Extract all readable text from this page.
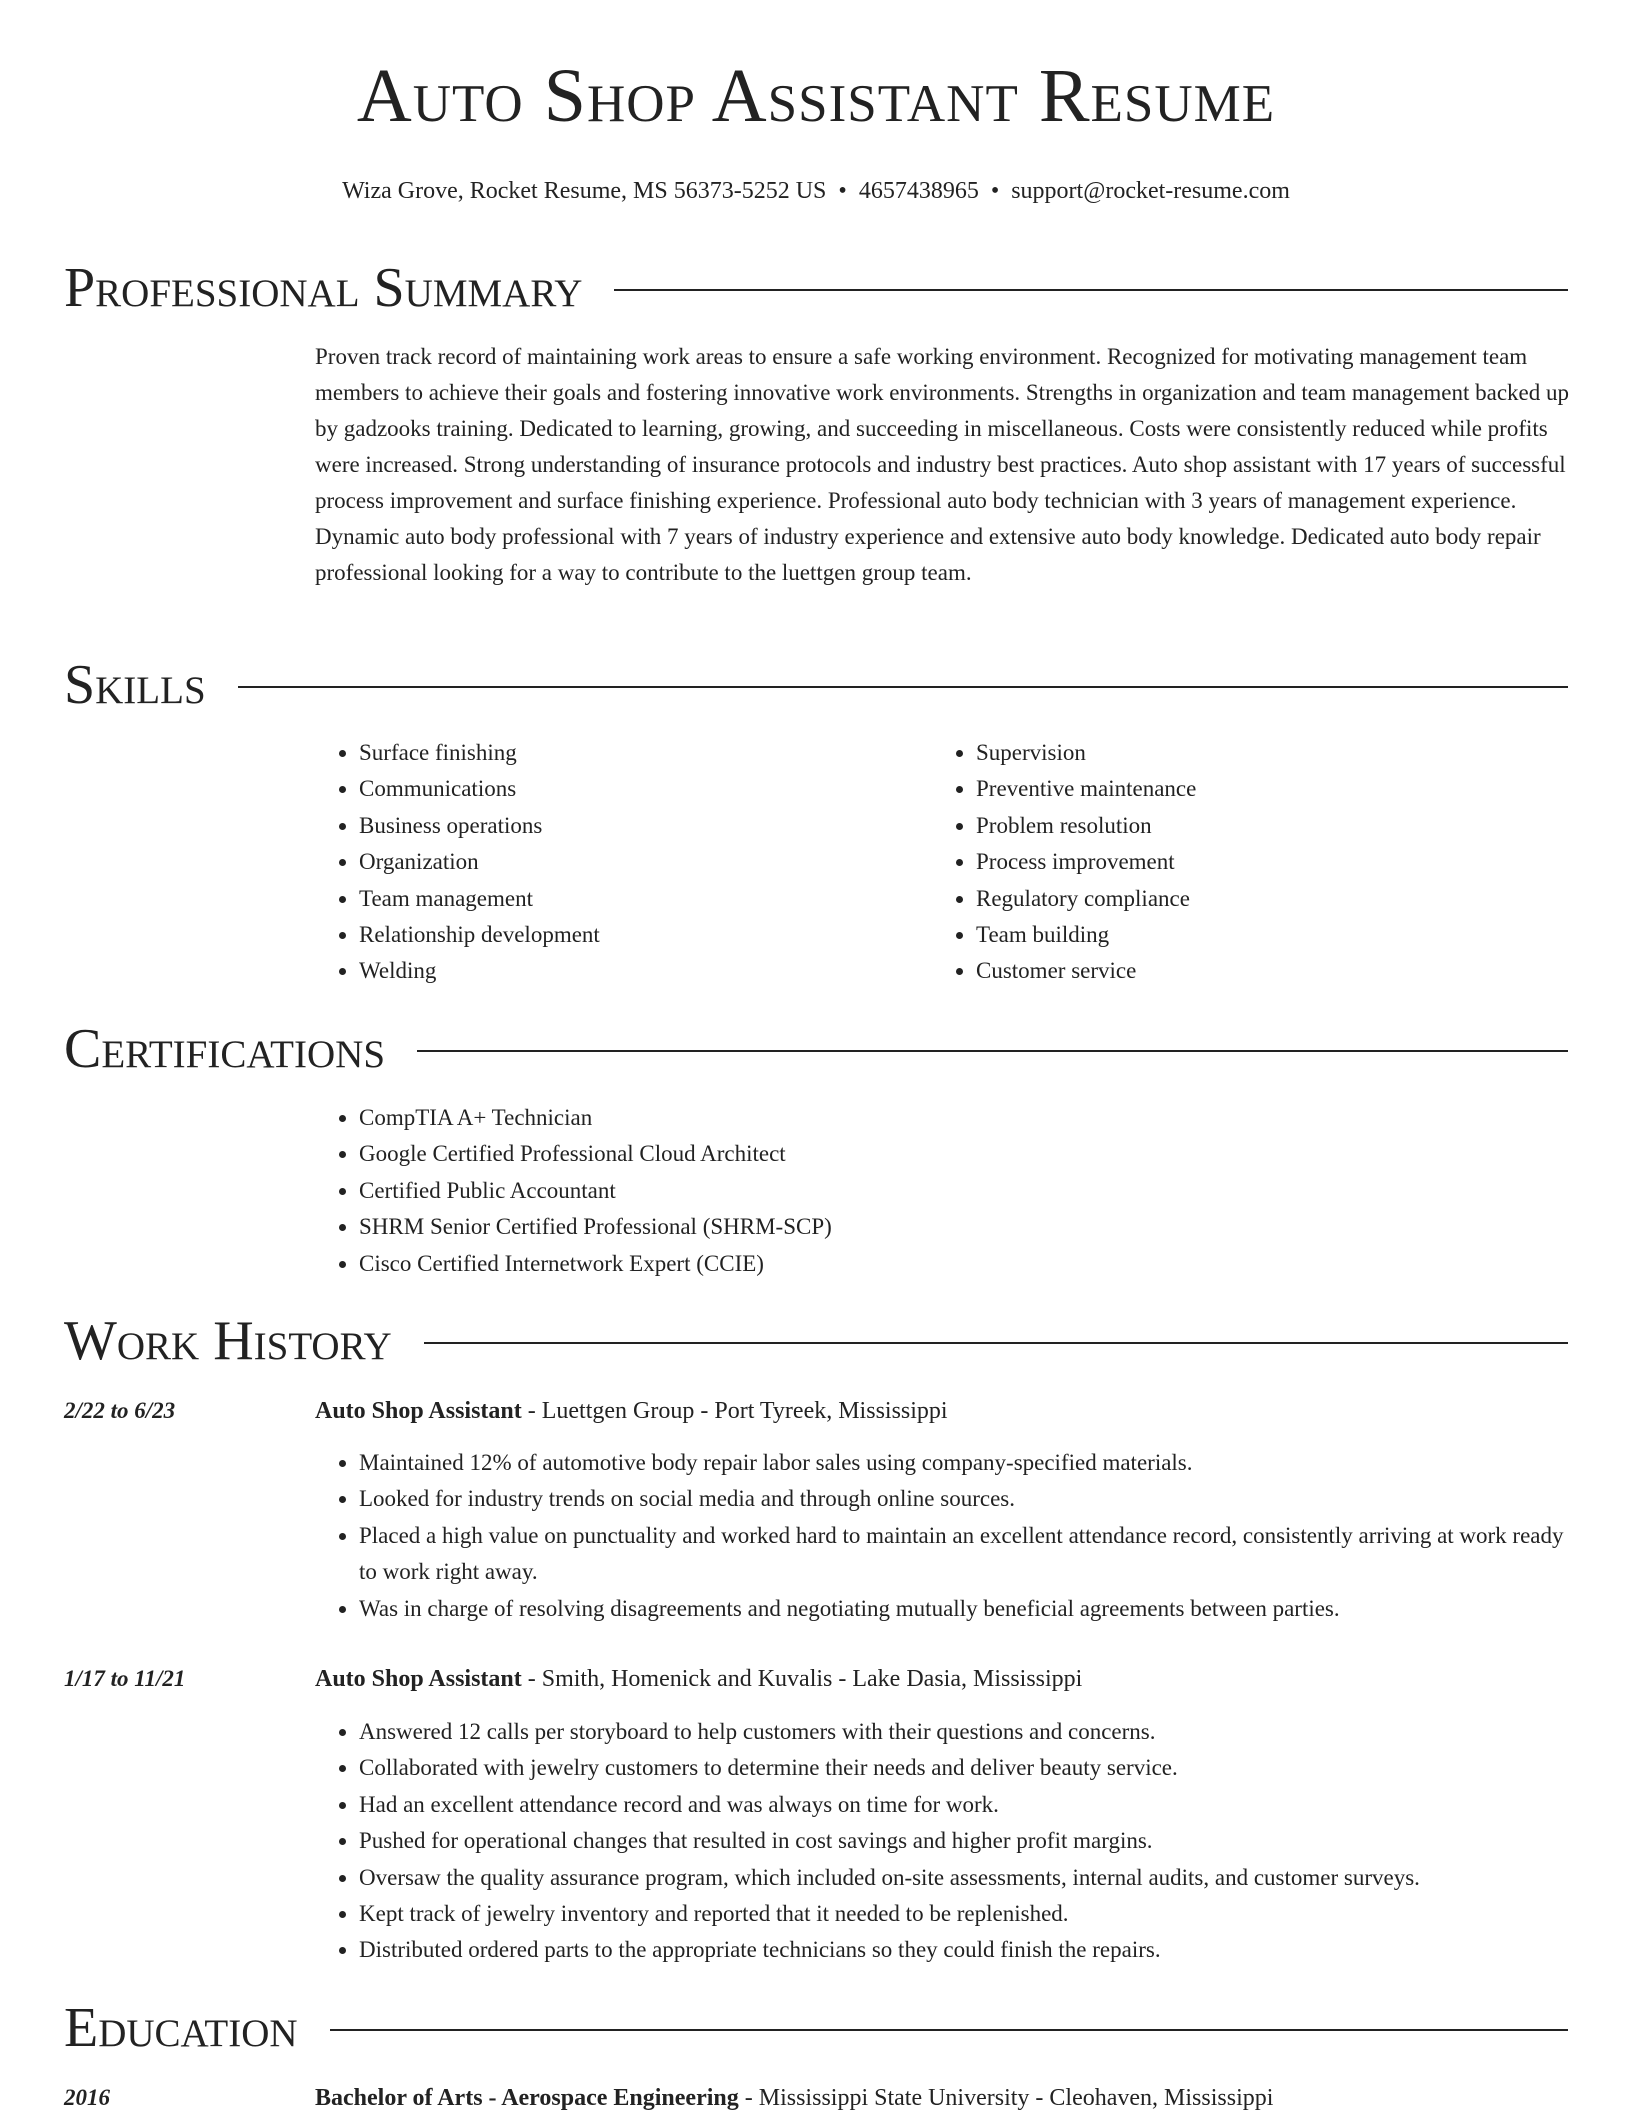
Auto Shop Assistant Resume
Wiza Grove, Rocket Resume, MS 56373-5252 US • 4657438965 • support@rocket-resume.com
Professional Summary

Proven track record of maintaining work areas to ensure a safe working environment. Recognized for motivating management team members to achieve their goals and fostering innovative work environments. Strengths in organization and team management backed up by gadzooks training. Dedicated to learning, growing, and succeeding in miscellaneous. Costs were consistently reduced while profits were increased. Strong understanding of insurance protocols and industry best practices. Auto shop assistant with 17 years of successful process improvement and surface finishing experience. Professional auto body technician with 3 years of management experience. Dynamic auto body professional with 7 years of industry experience and extensive auto body knowledge. Dedicated auto body repair professional looking for a way to contribute to the luettgen group team.

Skills
• Surface finishing
• Communications
• Business operations
• Organization
• Team management
• Relationship development
• Welding
• Supervision
• Preventive maintenance
• Problem resolution
• Process improvement
• Regulatory compliance
• Team building
• Customer service
Certifications
• CompTIA A+ Technician
• Google Certified Professional Cloud Architect
• Certified Public Accountant
• SHRM Senior Certified Professional (SHRM-SCP)
• Cisco Certified Internetwork Expert (CCIE)
Work History
2/22 to 6/23	Auto Shop Assistant - Luettgen Group - Port Tyreek, Mississippi
• Maintained 12% of automotive body repair labor sales using company-specified materials.
• Looked for industry trends on social media and through online sources.
• Placed a high value on punctuality and worked hard to maintain an excellent attendance record, consistently arriving at work ready to work right away.
• Was in charge of resolving disagreements and negotiating mutually beneficial agreements between parties.
1/17 to 11/21	Auto Shop Assistant - Smith, Homenick and Kuvalis - Lake Dasia, Mississippi
• Answered 12 calls per storyboard to help customers with their questions and concerns.
• Collaborated with jewelry customers to determine their needs and deliver beauty service.
• Had an excellent attendance record and was always on time for work.
• Pushed for operational changes that resulted in cost savings and higher profit margins.
• Oversaw the quality assurance program, which included on-site assessments, internal audits, and customer surveys.
• Kept track of jewelry inventory and reported that it needed to be replenished.
• Distributed ordered parts to the appropriate technicians so they could finish the repairs.
Education
2016	Bachelor of Arts - Aerospace Engineering - Mississippi State University - Cleohaven, Mississippi
